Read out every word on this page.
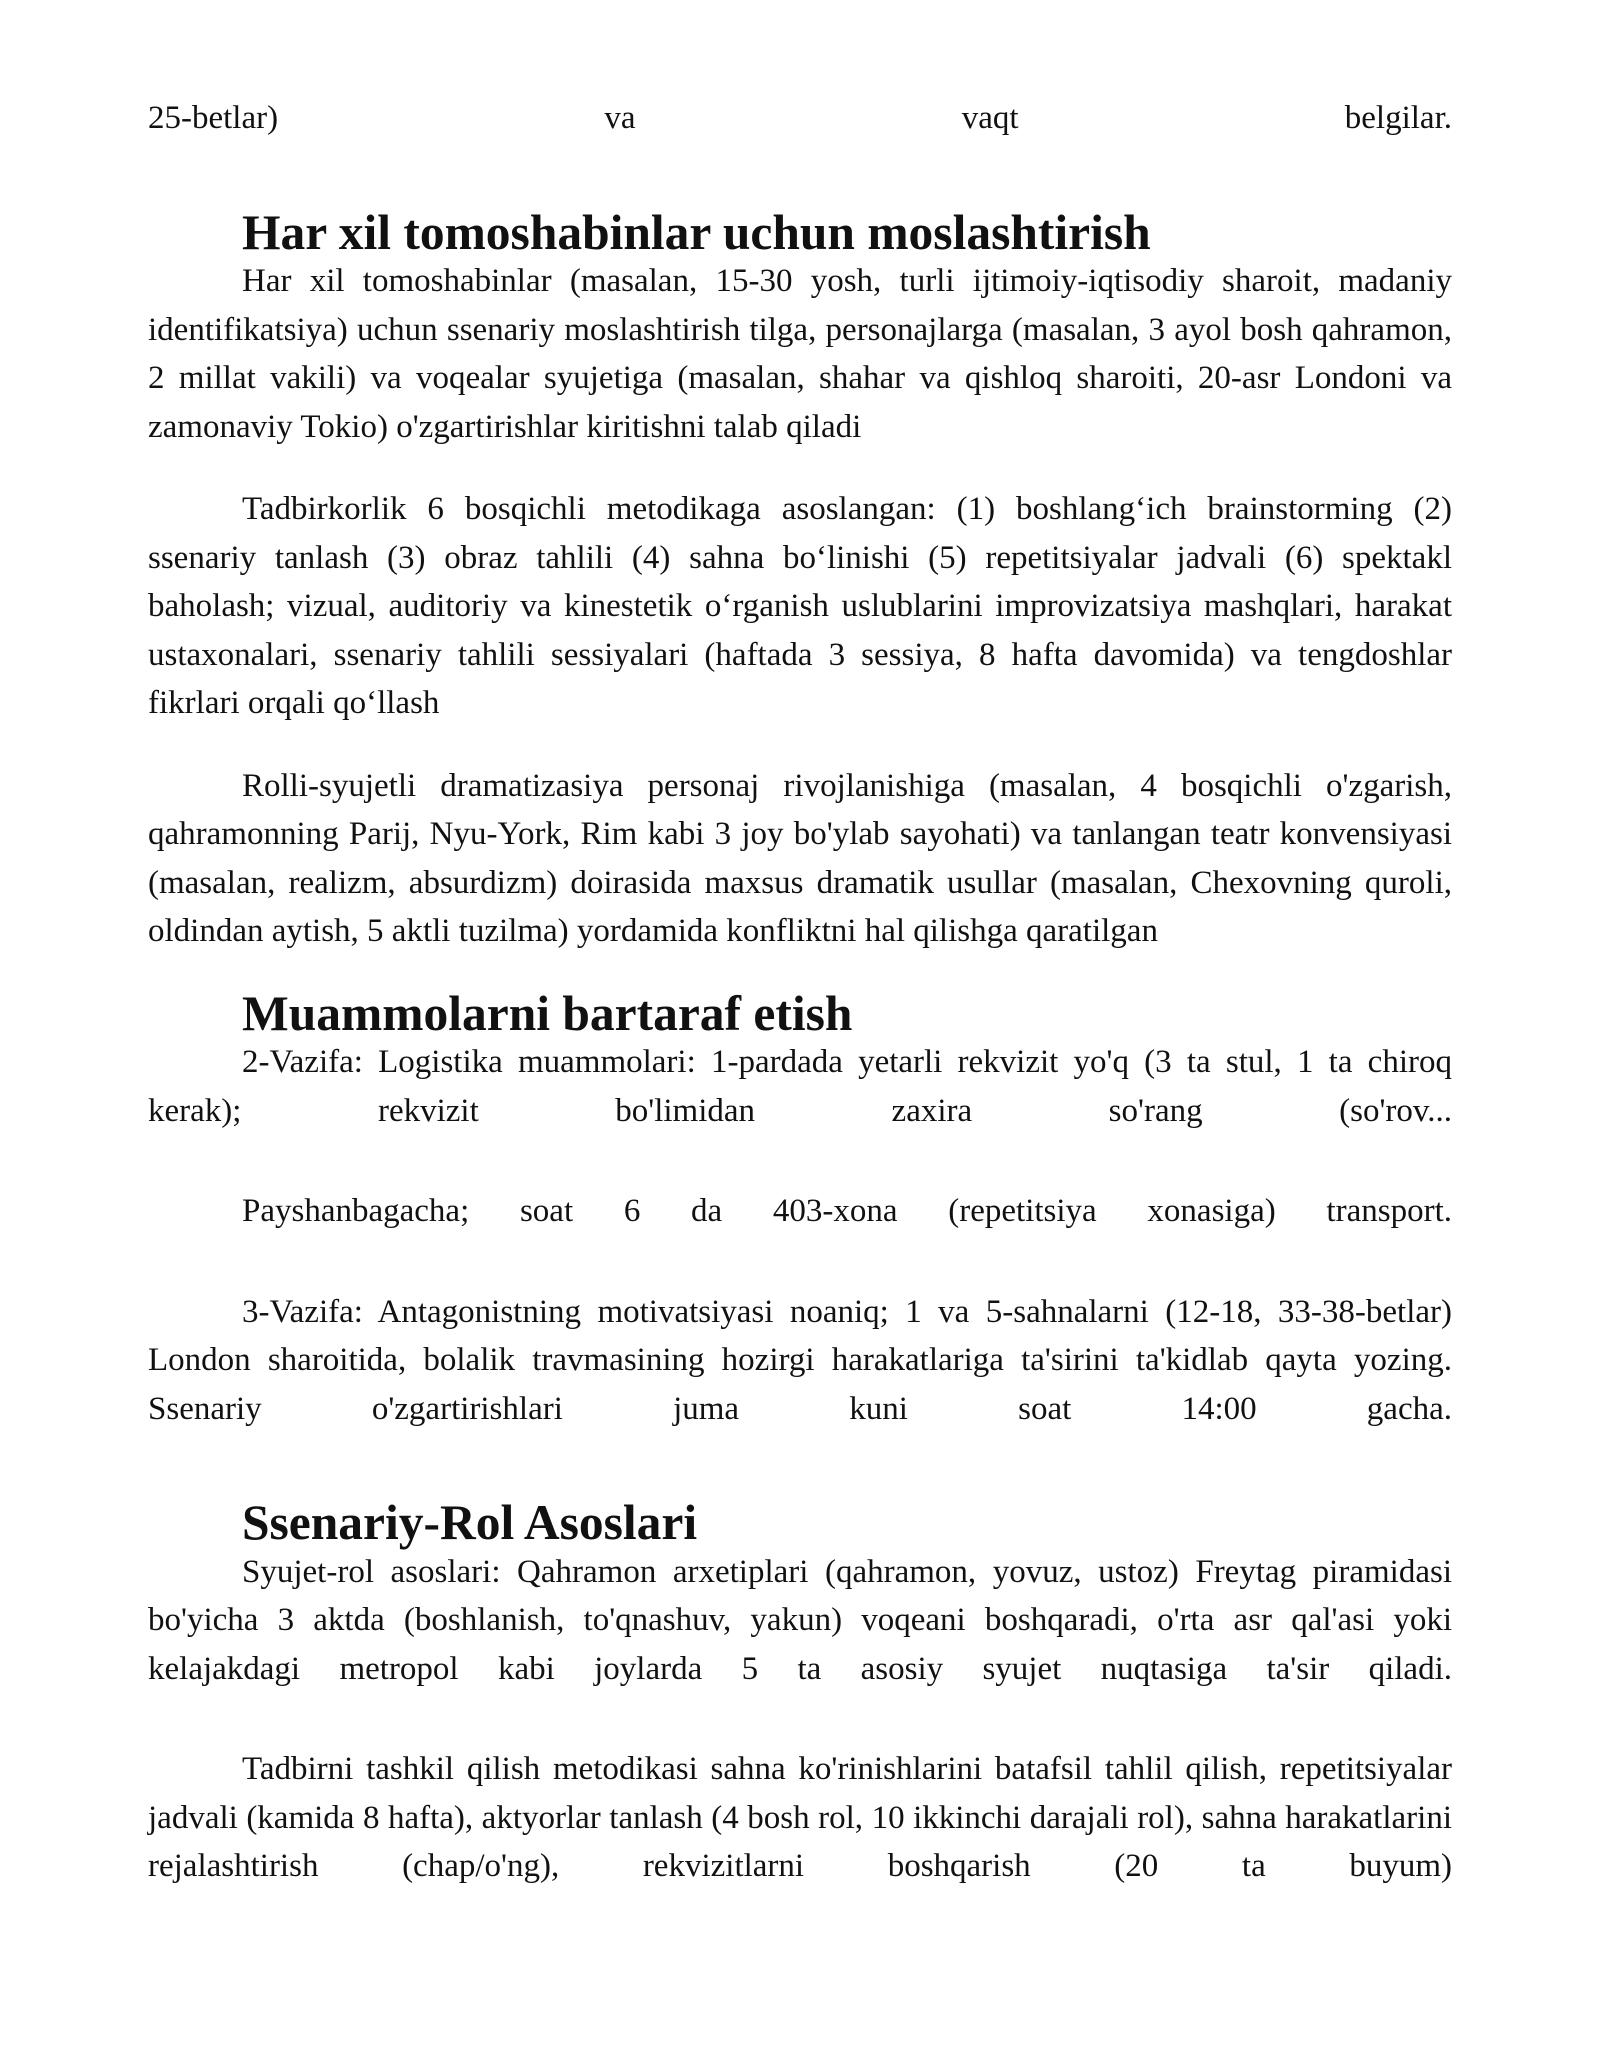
25-betlar) va vaqt belgilar.

Har xil tomoshabinlar uchun moslashtirish

Har xil tomoshabinlar (masalan, 15-30 yosh, turli ijtimoiy-iqtisodiy sharoit, madaniy identifikatsiya) uchun ssenariy moslashtirish tilga, personajlarga (masalan, 3 ayol bosh qahramon, 2 millat vakili) va voqealar syujetiga (masalan, shahar va qishloq sharoiti, 20-asr Londoni va zamonaviy Tokio) o'zgartirishlar kiritishni talab qiladi

Tadbirkorlik 6 bosqichli metodikaga asoslangan: (1) boshlang‘ich brainstorming (2) ssenariy tanlash (3) obraz tahlili (4) sahna bo‘linishi (5) repetitsiyalar jadvali (6) spektakl baholash; vizual, auditoriy va kinestetik o‘rganish uslublarini improvizatsiya mashqlari, harakat ustaxonalari, ssenariy tahlili sessiyalari (haftada 3 sessiya, 8 hafta davomida) va tengdoshlar fikrlari orqali qo‘llash

Rolli-syujetli dramatizasiya personaj rivojlanishiga (masalan, 4 bosqichli o'zgarish, qahramonning Parij, Nyu-York, Rim kabi 3 joy bo'ylab sayohati) va tanlangan teatr konvensiyasi (masalan, realizm, absurdizm) doirasida maxsus dramatik usullar (masalan, Chexovning quroli, oldindan aytish, 5 aktli tuzilma) yordamida konfliktni hal qilishga qaratilgan

Muammolarni bartaraf etish

2-Vazifa: Logistika muammolari: 1-pardada yetarli rekvizit yo'q (3 ta stul, 1 ta chiroq kerak); rekvizit bo'limidan zaxira so'rang (so'rov...

Payshanbagacha; soat 6 da 403-xona (repetitsiya xonasiga) transport.

3-Vazifa: Antagonistning motivatsiyasi noaniq; 1 va 5-sahnalarni (12-18, 33-38-betlar) London sharoitida, bolalik travmasining hozirgi harakatlariga ta'sirini ta'kidlab qayta yozing. Ssenariy o'zgartirishlari juma kuni soat 14:00 gacha.

Ssenariy-Rol Asoslari

Syujet-rol asoslari: Qahramon arxetiplari (qahramon, yovuz, ustoz) Freytag piramidasi bo'yicha 3 aktda (boshlanish, to'qnashuv, yakun) voqeani boshqaradi, o'rta asr qal'asi yoki kelajakdagi metropol kabi joylarda 5 ta asosiy syujet nuqtasiga ta'sir qiladi.

Tadbirni tashkil qilish metodikasi sahna ko'rinishlarini batafsil tahlil qilish, repetitsiyalar jadvali (kamida 8 hafta), aktyorlar tanlash (4 bosh rol, 10 ikkinchi darajali rol), sahna harakatlarini rejalashtirish (chap/o'ng), rekvizitlarni boshqarish (20 ta buyum)
